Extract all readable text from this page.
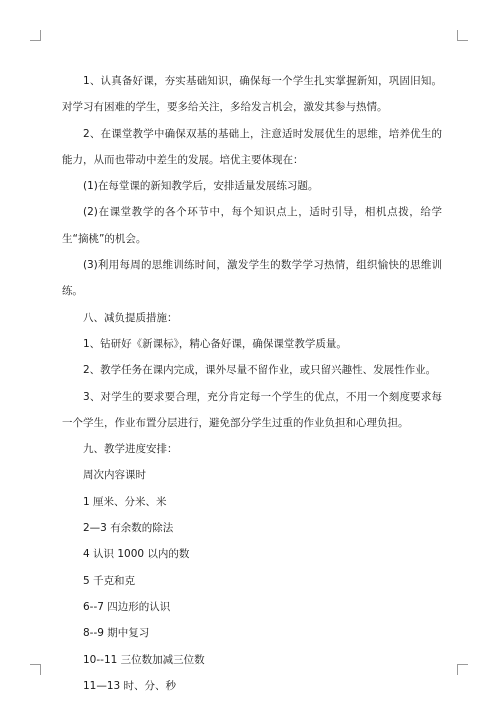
1、认真备好课，夯实基础知识，确保每一个学生扎实掌握新知，巩固旧知。对学习有困难的学生，要多给关注，多给发言机会，激发其参与热情。

2、在课堂教学中确保双基的基础上，注意适时发展优生的思维，培养优生的能力，从而也带动中差生的发展。培优主要体现在：

(1)在每堂课的新知教学后，安排适量发展练习题。

(2)在课堂教学的各个环节中，每个知识点上，适时引导，相机点拨，给学生“摘桃”的机会。

(3)利用每周的思维训练时间，激发学生的数学学习热情，组织愉快的思维训练。

八、减负提质措施：

1、钻研好《新课标》，精心备好课，确保课堂教学质量。

2、教学任务在课内完成，课外尽量不留作业，或只留兴趣性、发展性作业。

3、对学生的要求要合理，充分肯定每一个学生的优点，不用一个刻度要求每一个学生，作业布置分层进行，避免部分学生过重的作业负担和心理负担。

九、教学进度安排：

周次内容课时

1 厘米、分米、米

2—3 有余数的除法

4 认识 1000 以内的数

5 千克和克

6--7 四边形的认识

8--9 期中复习

10--11 三位数加减三位数

11—13 时、分、秒
